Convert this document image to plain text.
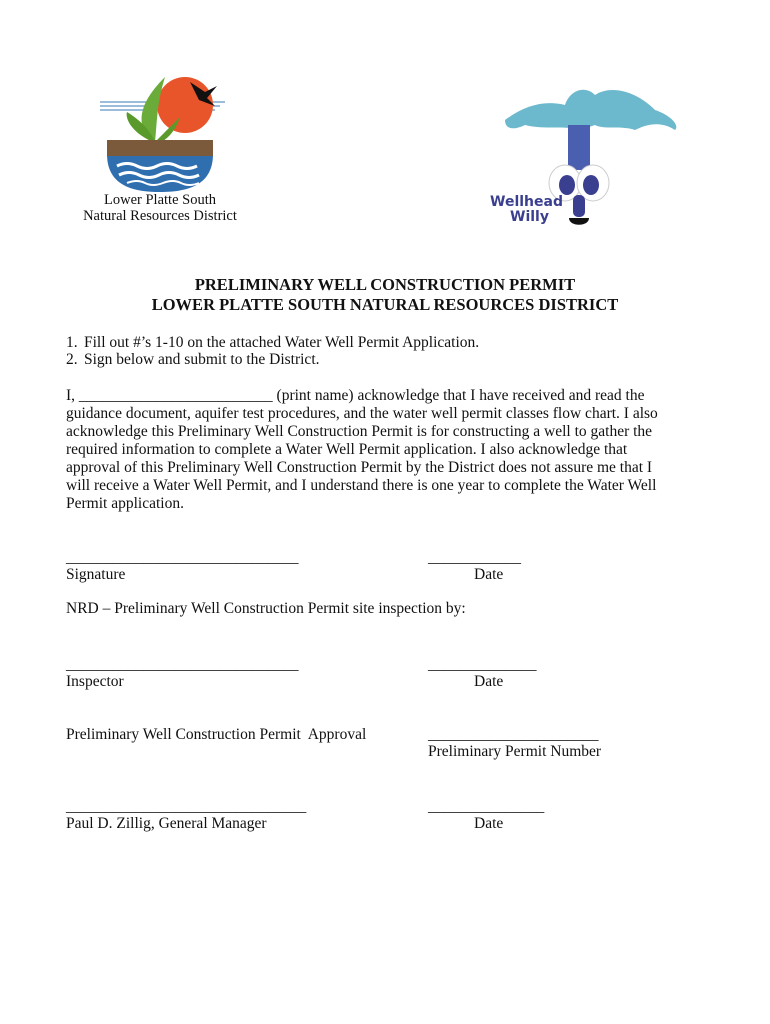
Lower Platte South
Natural Resources District
Wellhead
Willy
PRELIMINARY WELL CONSTRUCTION PERMIT
LOWER PLATTE SOUTH NATURAL RESOURCES DISTRICT
1. Fill out #’s 1-10 on the attached Water Well Permit Application.
2. Sign below and submit to the District.
I, _________________________ (print name) acknowledge that I have received and read the
guidance document, aquifer test procedures, and the water well permit classes flow chart. I also
acknowledge this Preliminary Well Construction Permit is for constructing a well to gather the
required information to complete a Water Well Permit application. I also acknowledge that
approval of this Preliminary Well Construction Permit by the District does not assure me that I
will receive a Water Well Permit, and I understand there is one year to complete the Water Well
Permit application.
______________________________	____________
Signature	Date
NRD – Preliminary Well Construction Permit site inspection by:
______________________________	______________
Inspector	Date
Preliminary Well Construction Permit  Approval	______________________
Preliminary Permit Number
_______________________________	_______________
Paul D. Zillig, General Manager	Date
